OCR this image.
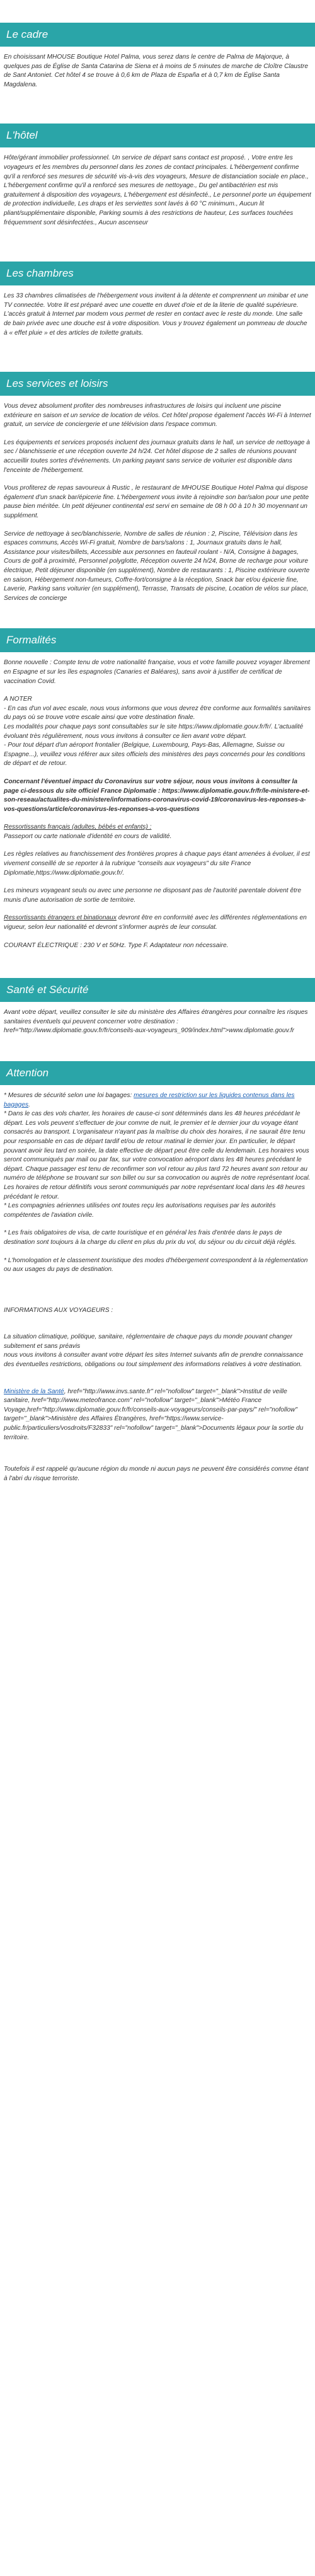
Le cadre

En choisissant MHOUSE Boutique Hotel Palma, vous serez dans le centre de Palma de Majorque, à quelques pas de Église de Santa Catarina de Siena et à moins de 5 minutes de marche de Cloître Claustre de Sant Antoniet. Cet hôtel 4 se trouve à 0,6 km de Plaza de España et à 0,7 km de Église Santa Magdalena.

L'hôtel

Hôte/gérant immobilier professionnel. Un service de départ sans contact est proposé. , Votre entre les voyageurs et les membres du personnel dans les zones de contact principales. L'hébergement confirme qu'il a renforcé ses mesures de sécurité vis-à-vis des voyageurs, Mesure de distanciation sociale en place., L'hébergement confirme qu'il a renforcé ses mesures de nettoyage., Du gel antibactérien est mis gratuitement à disposition des voyageurs, L'hébergement est désinfecté., Le personnel porte un équipement de protection individuelle, Les draps et les serviettes sont lavés à 60 °C minimum., Aucun lit pliant/supplémentaire disponible, Parking soumis à des restrictions de hauteur, Les surfaces touchées fréquemment sont désinfectées., Aucun ascenseur

Les chambres

Les 33 chambres climatisées de l'hébergement vous invitent à la détente et comprennent un minibar et une TV connectée. Votre lit est préparé avec une couette en duvet d'oie et de la literie de qualité supérieure. L'accès gratuit à Internet par modem vous permet de rester en contact avec le reste du monde. Une salle de bain privée avec une douche est à votre disposition. Vous y trouvez également un pommeau de douche à « effet pluie » et des articles de toilette gratuits.

Les services et loisirs

Vous devez absolument profiter des nombreuses infrastructures de loisirs qui incluent une piscine extérieure en saison et un service de location de vélos. Cet hôtel propose également l'accès Wi-Fi à Internet gratuit, un service de conciergerie et une télévision dans l'espace commun.

Les équipements et services proposés incluent des journaux gratuits dans le hall, un service de nettoyage à sec / blanchisserie et une réception ouverte 24 h/24. Cet hôtel dispose de 2 salles de réunions pouvant accueillir toutes sortes d'événements. Un parking payant sans service de voiturier est disponible dans l'enceinte de l'hébergement.

Vous profiterez de repas savoureux à Rustic , le restaurant de MHOUSE Boutique Hotel Palma qui dispose également d'un snack bar/épicerie fine. L'hébergement vous invite à rejoindre son bar/salon pour une petite pause bien méritée. Un petit déjeuner continental est servi en semaine de 08 h 00 à 10 h 30 moyennant un supplément.

Service de nettoyage à sec/blanchisserie, Nombre de salles de réunion : 2, Piscine, Télévision dans les espaces communs, Accès Wi-Fi gratuit, Nombre de bars/salons : 1, Journaux gratuits dans le hall, Assistance pour visites/billets, Accessible aux personnes en fauteuil roulant - N/A, Consigne à bagages, Cours de golf à proximité, Personnel polyglotte, Réception ouverte 24 h/24, Borne de recharge pour voiture électrique, Petit déjeuner disponible (en supplément), Nombre de restaurants : 1, Piscine extérieure ouverte en saison, Hébergement non-fumeurs, Coffre-fort/consigne à la réception, Snack bar et/ou épicerie fine, Laverie, Parking sans voiturier (en supplément), Terrasse, Transats de piscine, Location de vélos sur place, Services de concierge

Formalités

Bonne nouvelle : Compte tenu de votre nationalité française, vous et votre famille pouvez voyager librement en Espagne et sur les îles espagnoles (Canaries et Baléares), sans avoir à justifier de certificat de vaccination Covid.

A NOTER

- En cas d'un vol avec escale, nous vous informons que vous devrez être conforme aux formalités sanitaires du pays où se trouve votre escale ainsi que votre destination finale.
Les modalités pour chaque pays sont consultables sur le site https://www.diplomatie.gouv.fr/fr/. L'actualité évoluant très régulièrement, nous vous invitons à consulter ce lien avant votre départ.
- Pour tout départ d'un aéroport frontalier (Belgique, Luxembourg, Pays-Bas, Allemagne, Suisse ou Espagne...), veuillez vous référer aux sites officiels des ministères des pays concernés pour les conditions de départ et de retour.

Concernant l'éventuel impact du Coronavirus sur votre séjour, nous vous invitons à consulter la page ci-dessous du site officiel France Diplomatie : https://www.diplomatie.gouv.fr/fr/le-ministere-et-son-reseau/actualites-du-ministere/informations-coronavirus-covid-19/coronavirus-les-reponses-a-vos-questions/article/coronavirus-les-reponses-a-vos-questions

Ressortissants français (adultes, bébés et enfants) :
Passeport ou carte nationale d'identité en cours de validité.

Les règles relatives au franchissement des frontières propres à chaque pays étant amenées à évoluer, il est vivement conseillé de se reporter à la rubrique "conseils aux voyageurs" du site France Diplomatie,https://www.diplomatie.gouv.fr/.

Les mineurs voyageant seuls ou avec une personne ne disposant pas de l'autorité parentale doivent être munis d'une autorisation de sortie de territoire.

Ressortissants étrangers et binationaux devront être en conformité avec les différentes réglementations en vigueur, selon leur nationalité et devront s'informer auprès de leur consulat.

COURANT ÉLECTRIQUE : 230 V et 50Hz. Type F. Adaptateur non nécessaire.

Santé et Sécurité

Avant votre départ, veuillez consulter le site du ministère des Affaires étrangères pour connaître les risques sanitaires éventuels qui peuvent concerner votre destination : href="http://www.diplomatie.gouv.fr/fr/conseils-aux-voyageurs_909/index.html">www.diplomatie.gouv.fr

Attention

* Mesures de sécurité selon une loi bagages: mesures de restriction sur les liquides contenus dans les bagages.
* Dans le cas des vols charter, les horaires de cause-ci sont déterminés dans les 48 heures précédant le départ. Les vols peuvent s'effectuer de jour comme de nuit, le premier et le dernier jour du voyage étant consacrés au transport. L'organisateur n'ayant pas la maîtrise du choix des horaires, il ne saurait être tenu pour responsable en cas de départ tardif et/ou de retour matinal le dernier jour. En particulier, le départ pouvant avoir lieu tard en soirée, la date effective de départ peut être celle du lendemain. Les horaires vous seront communiqués par mail ou par fax, sur votre convocation aéroport dans les 48 heures précédant le départ. Chaque passager est tenu de reconfirmer son vol retour au plus tard 72 heures avant son retour au numéro de téléphone se trouvant sur son billet ou sur sa convocation ou auprès de notre représentant local. Les horaires de retour définitifs vous seront communiqués par notre représentant local dans les 48 heures précédant le retour.
* Les compagnies aériennes utilisées ont toutes reçu les autorisations requises par les autorités compétentes de l'aviation civile.

* Les frais obligatoires de visa, de carte touristique et en général les frais d'entrée dans le pays de destination sont toujours à la charge du client en plus du prix du vol, du séjour ou du circuit déjà réglés.

* L'homologation et le classement touristique des modes d'hébergement correspondent à la réglementation ou aux usages du pays de destination.

INFORMATIONS AUX VOYAGEURS :

La situation climatique, politique, sanitaire, réglementaire de chaque pays du monde pouvant changer subitement et sans préavis
nous vous invitons à consulter avant votre départ les sites Internet suivants afin de prendre connaissance des éventuelles restrictions, obligations ou tout simplement des informations relatives à votre destination.

Ministère de la Santé, href="http://www.invs.sante.fr" rel="nofollow" target="_blank">Institut de veille sanitaire, href="http://www.meteofrance.com" rel="nofollow" target="_blank">Météo France Voyage,href="http://www.diplomatie.gouv.fr/fr/conseils-aux-voyageurs/conseils-par-pays/" rel="nofollow" target="_blank">Ministère des Affaires Étrangères, href="https://www.service-public.fr/particuliers/vosdroits/F32833" rel="nofollow" target="_blank">Documents légaux pour la sortie du territoire.

Toutefois il est rappelé qu'aucune région du monde ni aucun pays ne peuvent être considérés comme étant à l'abri du risque terroriste.
